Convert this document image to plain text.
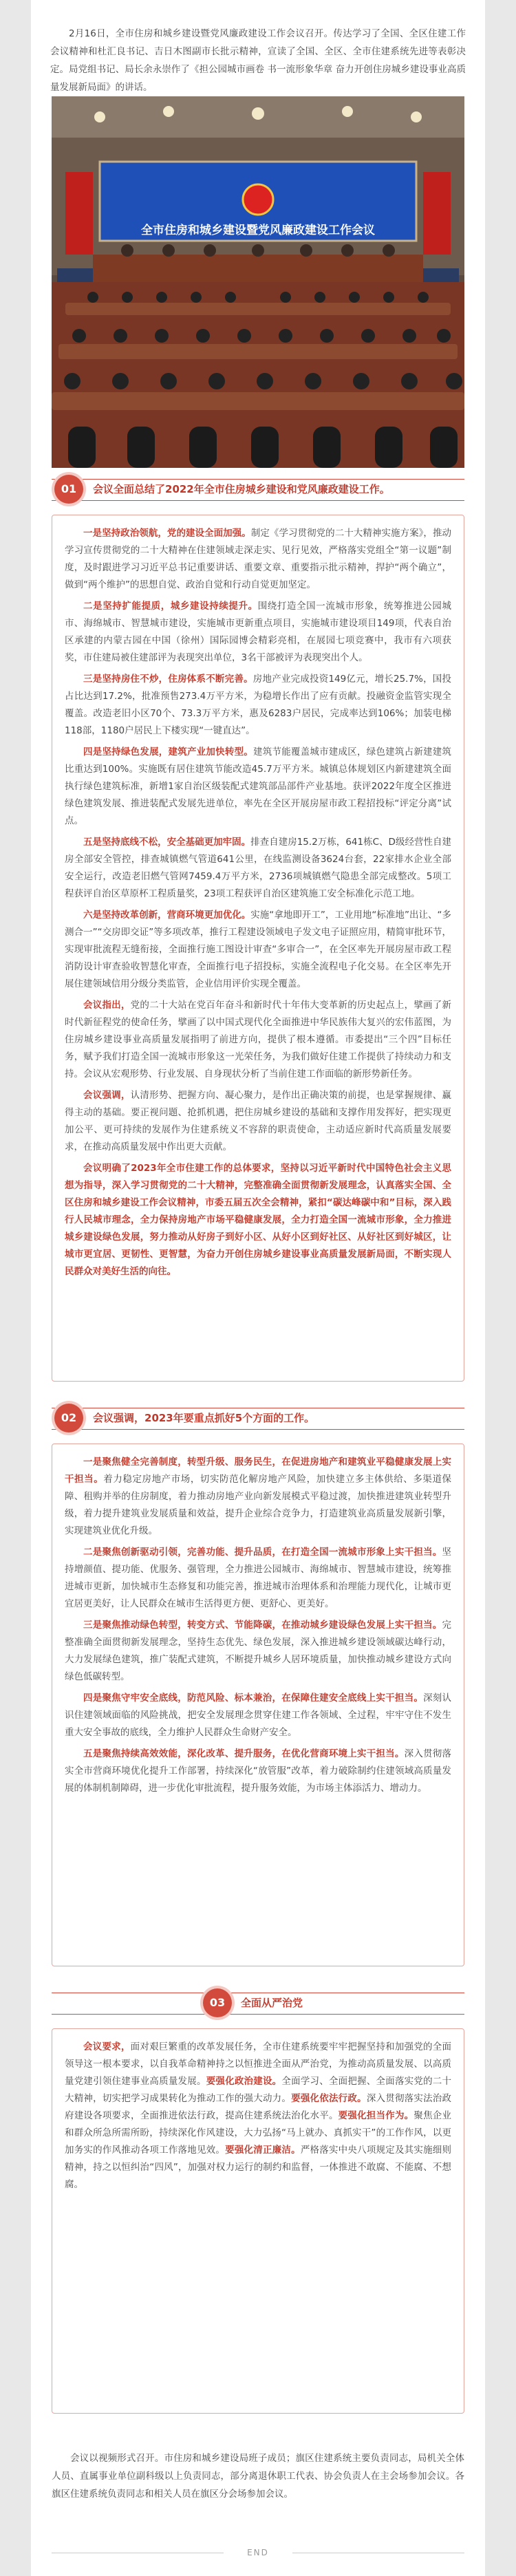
2月16日，全市住房和城乡建设暨党风廉政建设工作会议召开。传达学习了全国、全区住建工作会议精神和杜汇良书记、吉日木图副市长批示精神，宣读了全国、全区、全市住建系统先进等表彰决定。局党组书记、局长余永崇作了《担公园城市画卷 书一流形象华章 奋力开创住房城乡建设事业高质量发展新局面》的讲话。
全市住房和城乡建设暨党风廉政建设工作会议
01	会议全面总结了2022年全市住房城乡建设和党风廉政建设工作。

一是坚持政治领航，党的建设全面加强。制定《学习贯彻党的二十大精神实施方案》，推动学习宣传贯彻党的二十大精神在住建领域走深走实、见行见效，严格落实党组全“第一议题”制度，及时跟进学习习近平总书记重要讲话、重要文章、重要指示批示精神，捍护“两个确立”，做到“两个维护”的思想自觉、政治自觉和行动自觉更加坚定。

二是坚持扩能提质，城乡建设持续提升。围绕打造全国一流城市形象，统筹推进公园城市、海绵城市、智慧城市建设，实施城市更新重点项目，实施城市建设项目149项，代表自治区承建的内蒙古园在中国（徐州）国际园博会精彩亮相，在展园七项竞赛中，我市有六项获奖，市住建局被住建部评为表现突出单位，3名干部被评为表现突出个人。

三是坚持房住不炒，住房体系不断完善。房地产业完成投资149亿元，增长25.7%，国投占比达到17.2%，批准预售273.4万平方米，为稳增长作出了应有贡献。投融资金监管实现全覆盖。改造老旧小区70个、73.3万平方米，惠及6283户居民，完成率达到106%；加装电梯118部，1180户居民上下楼实现“一键直达”。

四是坚持绿色发展，建筑产业加快转型。建筑节能覆盖城市建成区，绿色建筑占新建建筑比重达到100%。实施既有居住建筑节能改造45.7万平方米。城镇总体规划区内新建建筑全面执行绿色建筑标准，新增1家自治区级装配式建筑部品部件产业基地。获评2022年度全区推进绿色建筑发展、推进装配式发展先进单位，率先在全区开展房屋市政工程招投标“评定分离”试点。

五是坚持底线不松，安全基础更加牢固。排查自建房15.2万栋，641栋C、D级经营性自建房全部安全管控，排查城镇燃气管道641公里，在线监测设备3624台套，22家排水企业全部安全运行，改造老旧燃气管网7459.4万平方米，2736项城镇燃气隐患全部完成整改。5项工程获评自治区草原杯工程质量奖，23项工程获评自治区建筑施工安全标准化示范工地。

六是坚持改革创新，营商环境更加优化。实施“拿地即开工”，工业用地“标准地”出让、“多测合一”“交房即交证”等多项改革，推行工程建设领域电子发文电子证照应用，精简审批环节，实现审批流程无缝衔接，全面推行施工图设计审查“多审合一”，在全区率先开展房屋市政工程消防设计审查验收智慧化审查，全面推行电子招投标，实施全流程电子化交易。在全区率先开展住建领域信用分级分类监管，企业信用评价实现全覆盖。

会议指出，党的二十大站在党百年奋斗和新时代十年伟大变革新的历史起点上，擘画了新时代新征程党的使命任务，擘画了以中国式现代化全面推进中华民族伟大复兴的宏伟蓝图，为住房城乡建设事业高质量发展指明了前进方向，提供了根本遵循。市委提出“三个四”目标任务，赋予我们打造全国一流城市形象这一光荣任务，为我们做好住建工作提供了持续动力和支持。会议从宏观形势、行业发展、自身现状分析了当前住建工作面临的新形势新任务。

会议强调，认清形势、把握方向、凝心聚力，是作出正确决策的前提，也是掌握规律、赢得主动的基础。要正视问题、抢抓机遇，把住房城乡建设的基础和支撑作用发挥好，把实现更加公平、更可持续的发展作为住建系统义不容辞的职责使命，主动适应新时代高质量发展要求，在推动高质量发展中作出更大贡献。

会议明确了2023年全市住建工作的总体要求，坚持以习近平新时代中国特色社会主义思想为指导，深入学习贯彻党的二十大精神，完整准确全面贯彻新发展理念，认真落实全国、全区住房和城乡建设工作会议精神，市委五届五次全会精神，紧扣“碳达峰碳中和”目标，深入践行人民城市理念，全力保持房地产市场平稳健康发展，全力打造全国一流城市形象，全力推进城乡建设绿色发展，努力推动从好房子到好小区、从好小区到好社区、从好社区到好城区，让城市更宜居、更韧性、更智慧，为奋力开创住房城乡建设事业高质量发展新局面，不断实现人民群众对美好生活的向往。

02	会议强调，2023年要重点抓好5个方面的工作。

一是聚焦健全完善制度，转型升级、服务民生，在促进房地产和建筑业平稳健康发展上实干担当。着力稳定房地产市场，切实防范化解房地产风险，加快建立多主体供给、多渠道保障、租购并举的住房制度，着力推动房地产业向新发展模式平稳过渡，加快推进建筑业转型升级，着力提升建筑业发展质量和效益，提升企业综合竞争力，打造建筑业高质量发展新引擎，实现建筑业优化升级。

二是聚焦创新驱动引领，完善功能、提升品质，在打造全国一流城市形象上实干担当。坚持增颜值、提功能、优服务、强管理，全力推进公园城市、海绵城市、智慧城市建设，统筹推进城市更新，加快城市生态修复和功能完善，推进城市治理体系和治理能力现代化，让城市更宜居更美好，让人民群众在城市生活得更方便、更舒心、更美好。

三是聚焦推动绿色转型，转变方式、节能降碳，在推动城乡建设绿色发展上实干担当。完整准确全面贯彻新发展理念，坚持生态优先、绿色发展，深入推进城乡建设领域碳达峰行动，大力发展绿色建筑，推广装配式建筑，不断提升城乡人居环境质量，加快推动城乡建设方式向绿色低碳转型。

四是聚焦守牢安全底线，防范风险、标本兼治，在保障住建安全底线上实干担当。深刻认识住建领域面临的风险挑战，把安全发展理念贯穿住建工作各领域、全过程，牢牢守住不发生重大安全事故的底线，全力维护人民群众生命财产安全。

五是聚焦持续高效效能，深化改革、提升服务，在优化营商环境上实干担当。深入贯彻落实全市营商环境优化提升工作部署，持续深化“放管服”改革，着力破除制约住建领域高质量发展的体制机制障碍，进一步优化审批流程，提升服务效能，为市场主体添活力、增动力。

03	全面从严治党

会议要求，面对艰巨繁重的改革发展任务，全市住建系统要牢牢把握坚持和加强党的全面领导这一根本要求，以自我革命精神持之以恒推进全面从严治党，为推动高质量发展、以高质量党建引领住建事业高质量发展。要强化政治建设。全面学习、全面把握、全面落实党的二十大精神，切实把学习成果转化为推动工作的强大动力。要强化依法行政。深入贯彻落实法治政府建设各项要求，全面推进依法行政，提高住建系统法治化水平。要强化担当作为。聚焦企业和群众所急所需所盼，持续深化作风建设，大力弘扬“马上就办、真抓实干”的工作作风，以更加务实的作风推动各项工作落地见效。要强化清正廉洁。严格落实中央八项规定及其实施细则精神，持之以恒纠治“四风”，加强对权力运行的制约和监督，一体推进不敢腐、不能腐、不想腐。

会议以视频形式召开。市住房和城乡建设局班子成员；旗区住建系统主要负责同志，局机关全体人员、直属事业单位副科级以上负责同志，部分离退休职工代表、协会负责人在主会场参加会议。各旗区住建系统负责同志和相关人员在旗区分会场参加会议。
END
